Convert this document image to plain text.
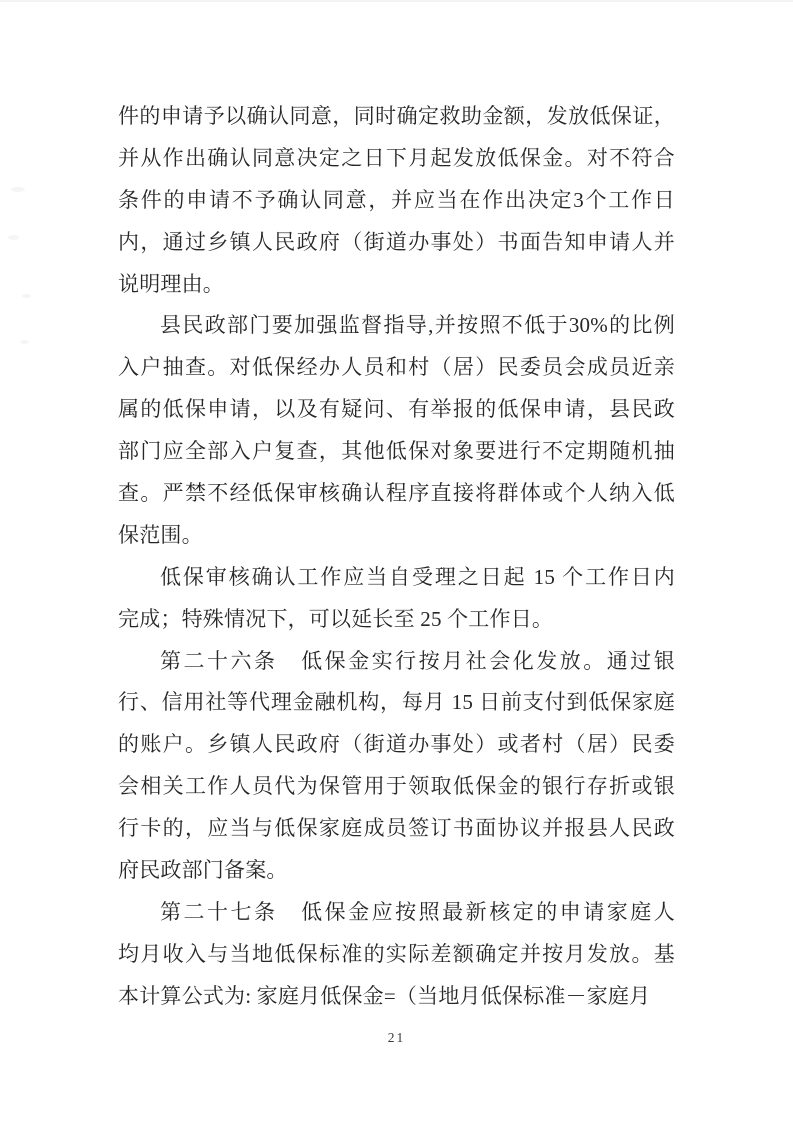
件的申请予以确认同意，同时确定救助金额，发放低保证，
并从作出确认同意决定之日下月起发放低保金。对不符合
条件的申请不予确认同意，并应当在作出决定3个工作日
内，通过乡镇人民政府（街道办事处）书面告知申请人并
说明理由。
县民政部门要加强监督指导,并按照不低于30%的比例
入户抽查。对低保经办人员和村（居）民委员会成员近亲
属的低保申请，以及有疑问、有举报的低保申请，县民政
部门应全部入户复查，其他低保对象要进行不定期随机抽
查。严禁不经低保审核确认程序直接将群体或个人纳入低
保范围。
低保审核确认工作应当自受理之日起 15 个工作日内
完成；特殊情况下，可以延长至 25 个工作日。
第二十六条　低保金实行按月社会化发放。通过银
行、信用社等代理金融机构，每月 15 日前支付到低保家庭
的账户。乡镇人民政府（街道办事处）或者村（居）民委
会相关工作人员代为保管用于领取低保金的银行存折或银
行卡的，应当与低保家庭成员签订书面协议并报县人民政
府民政部门备案。
第二十七条　低保金应按照最新核定的申请家庭人
均月收入与当地低保标准的实际差额确定并按月发放。基
本计算公式为: 家庭月低保金=（当地月低保标准－家庭月
21
